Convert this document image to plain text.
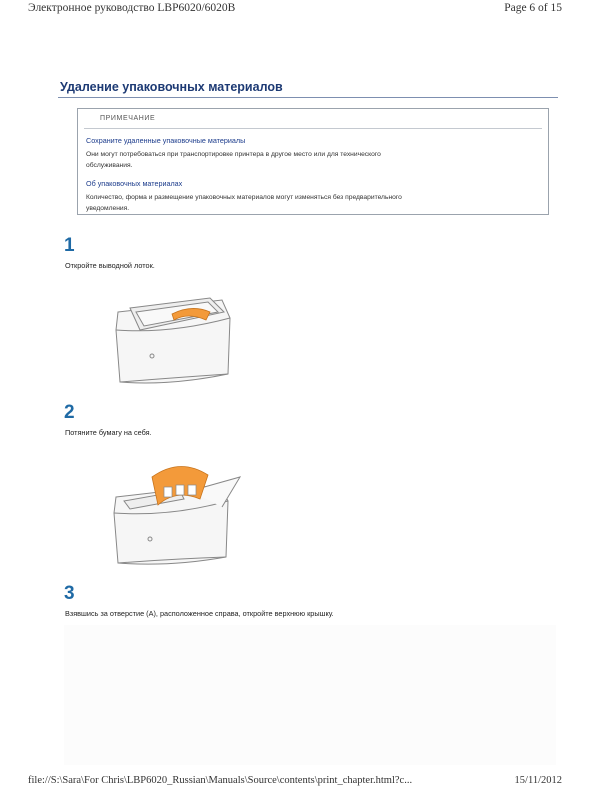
Электронное руководство LBP6020/6020B	Page 6 of 15
Удаление упаковочных материалов
ПРИМЕЧАНИЕ
Сохраните удаленные упаковочные материалы
Они могут потребоваться при транспортировке принтера в другое место или для технического
обслуживания.
Об упаковочных материалах
Количество, форма и размещение упаковочных материалов могут изменяться без предварительного
уведомления.
1
Откройте выводной лоток.
2
Потяните бумагу на себя.
3
Взявшись за отверстие (A), расположенное справа, откройте верхнюю крышку.
file://S:\Sara\For Chris\LBP6020_Russian\Manuals\Source\contents\print_chapter.html?c...	15/11/2012
